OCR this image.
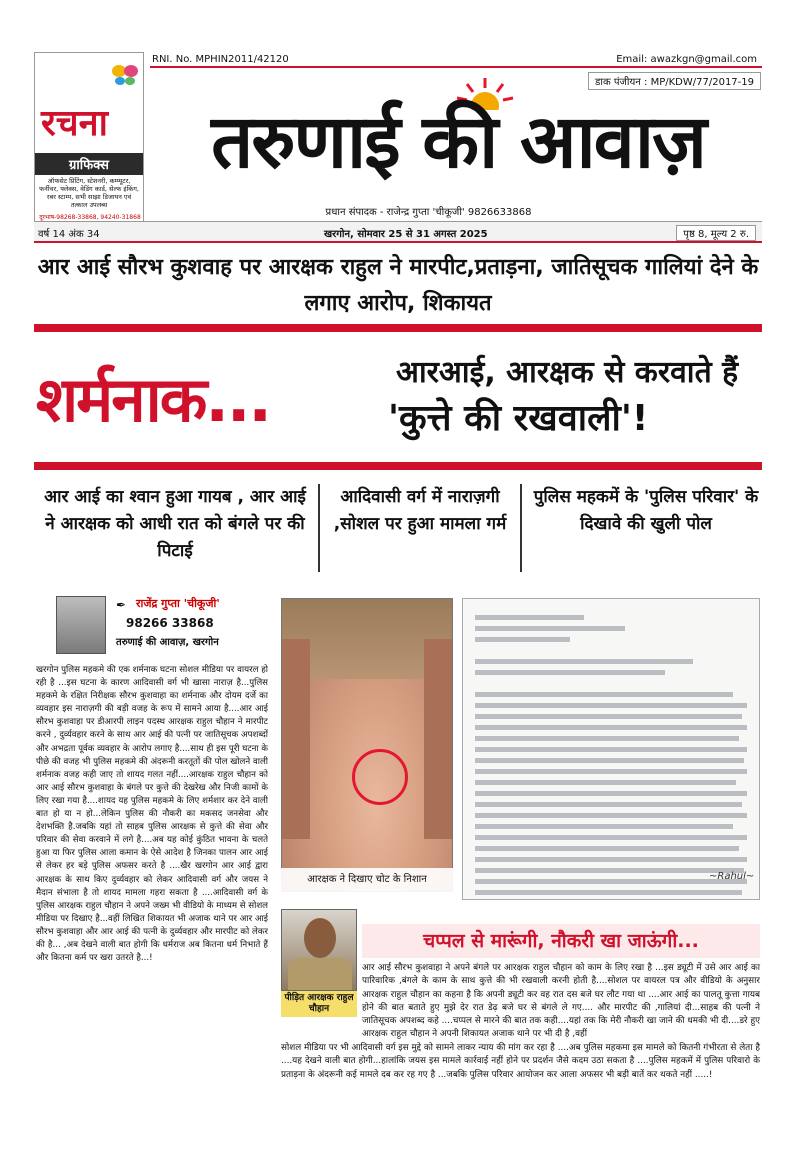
रचना
ग्राफिक्स
ऑफसेट प्रिंटिंग, स्टेशनरी, कम्प्यूटर, फर्नीचर, फ्लेक्स, वेडिंग कार्ड, सेल्फ इंकिंग, रबर स्टाम्प, सभी साझा डिजायन एवं तत्काल उपलब्ध
दूरभाष-98268-33868, 94240-31868
RNI. No. MPHIN2011/42120	Email: awazkgn@gmail.com
डाक पंजीयन : MP/KDW/77/2017-19
तरुणाई की आवाज़
प्रधान संपादक - राजेन्द्र गुप्ता 'चीकूजी' 9826633868
वर्ष 14 अंक 34	खरगोन, सोमवार 25 से 31 अगस्त 2025	पृष्ठ 8, मूल्य 2 रु.
आर आई सौरभ कुशवाह पर आरक्षक राहुल ने मारपीट,प्रताड़ना, जातिसूचक गालियां देने के लगाए आरोप, शिकायत
शर्मनाक...	आरआई, आरक्षक से करवाते हैं
'कुत्ते की रखवाली'!
आर आई का श्वान हुआ गायब , आर आई ने आरक्षक को आधी रात को बंगले पर की पिटाई
आदिवासी वर्ग में नाराज़गी ,सोशल पर हुआ मामला गर्म
पुलिस महकमें के 'पुलिस परिवार' के दिखावे की खुली पोल
✒ राजेंद्र गुप्ता 'चीकूजी'
98266 33868
तरुणाई की आवाज़, खरगोन
खरगोन पुलिस महकमे की एक शर्मनाक घटना सोशल मीडिया पर वायरल हो रही है ...इस घटना के कारण आदिवासी वर्ग भी खासा नाराज़ है...पुलिस महकमे के रक्षित निरीक्षक सौरभ कुशवाहा का शर्मनाक और दोयम दर्जे का व्यवहार इस नाराज़गी की बड़ी वजह के रूप में सामने आया है....आर आई सौरभ कुशवाहा पर डीआरपी लाइन पदस्थ आरक्षक राहुल चौहान ने मारपीट करने , दुर्व्यवहार करने के साथ आर आई की पत्नी पर जातिसूचक अपशब्दों और अभद्रता पूर्वक व्यवहार के आरोप लगाए है....साथ ही इस पूरी घटना के पीछे की वजह भी पुलिस महकमे की अंदरूनी करतूतों की पोल खोलने वाली शर्मनाक वजह कही जाए तो शायद गलत नहीं....आरक्षक राहुल चौहान को आर आई सौरभ कुशवाहा के बंगले पर कुत्ते की देखरेख और निजी कामों के लिए रखा गया है....शायद यह पुलिस महकमे के लिए शर्मशार कर देने वाली बात हो या न हो...लेकिन पुलिस की नौकरी का मकसद जनसेवा और देशभक्ति है.जबकि यहां तो साहब पुलिस आरक्षक से कुत्ते की सेवा और परिवार की सेवा करवाने में लगे है....अब यह कोई कुंठित भावना के चलते हुआ या फिर पुलिस आला कमान के ऐसे आदेश है जिनका पालन आर आई से लेकर हर बड़े पुलिस अफसर करते है ....खैर खरगोन आर आई द्वारा आरक्षक के साथ किए दुर्व्यवहार को लेकर आदिवासी वर्ग और जयस ने मैदान संभाला है तो शायद मामला गहरा सकता है ....आदिवासी वर्ग के पुलिस आरक्षक राहुल चौहान ने अपने जख्म भी वीडियो के माध्यम से सोशल मीडिया पर दिखाए है...वहीं लिखित शिकायत भी अजाक थाने पर आर आई सौरभ कुशवाहा और आर आई की पत्नी के दुर्व्यवहार और मारपीट को लेकर की है... ,अब देखने वाली बात होगी कि धर्मराज अब कितना धर्म निभाते हैं और कितना कर्म पर खरा उतरते है...!
आरक्षक ने दिखाए चोट के निशान	~Rahul~
पीड़ित आरक्षक राहुल चौहान
चप्पल से मारूंगी, नौकरी खा जाऊंगी...
आर आई सौरभ कुशवाहा ने अपने बंगले पर आरक्षक राहुल चौहान को काम के लिए रखा है ...इस ड्यूटी में उसे आर आई का पारिवारिक ,बंगले के काम के साथ कुत्ते की भी रखवाली करनी होती है....सोशल पर वायरल पत्र और वीडियो के अनुसार आरक्षक राहुल चौहान का कहना है कि अपनी ड्यूटी कर वह रात दस बजे घर लौट गया था ....आर आई का पालतू कुत्ता गायब होने की बात बताते हुए मुझे देर रात डेढ़ बजे घर से बंगले ले गए.... और मारपीट की ,गालियां दी...साहब की पत्नी ने जातिसूचक अपशब्द कहे ....चप्पल से मारने की बात तक कही....यहां तक कि मेरी नौकरी खा जाने की धमकी भी दी....डरे हुए आरक्षक राहुल चौहान ने अपनी शिकायत अजाक थाने पर भी दी है ,वहीं
सोशल मीडिया पर भी आदिवासी वर्ग इस मुद्दे को सामने लाकर न्याय की मांग कर रहा है ....अब पुलिस महकमा इस मामले को कितनी गंभीरता से लेता है ....यह देखने वाली बात होगी...हालांकि जयस इस मामले कार्रवाई नहीं होने पर प्रदर्शन जैसे कदम उठा सकता है ....पुलिस महकमें में पुलिस परिवारो के प्रताड़ना के अंदरूनी कई मामले दब कर रह गए है ...जबकि पुलिस परिवार आयोजन कर आला अफसर भी बड़ी बातें कर थकते नहीं .....!
